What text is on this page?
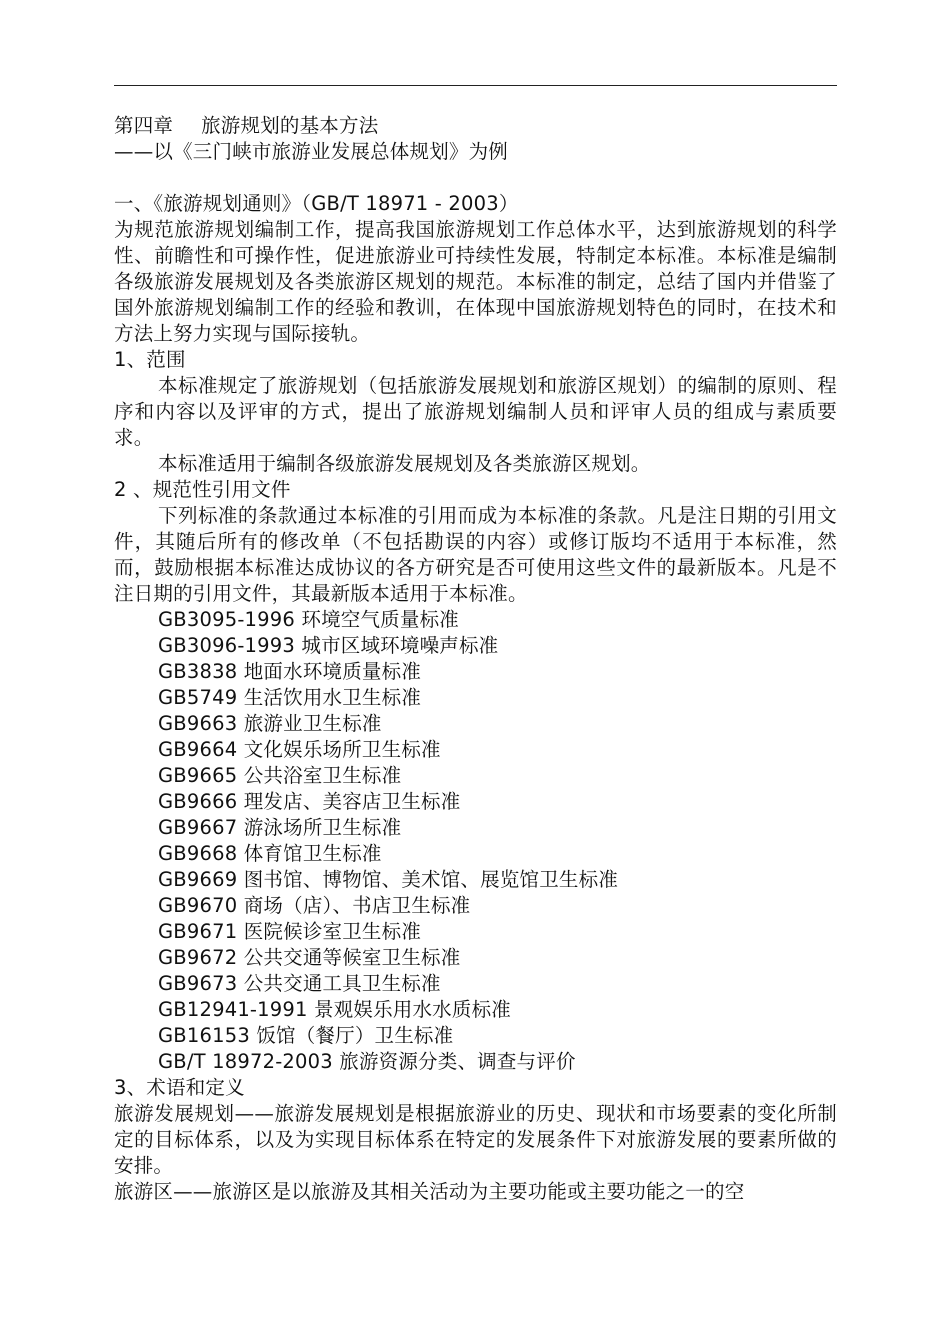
第四章 旅游规划的基本方法
——以《三门峡市旅游业发展总体规划》为例
一、《旅游规划通则》（GB/T 18971 - 2003）
为规范旅游规划编制工作，提高我国旅游规划工作总体水平，达到旅游规划的科学性、前瞻性和可操作性，促进旅游业可持续性发展，特制定本标准。本标准是编制各级旅游发展规划及各类旅游区规划的规范。本标准的制定，总结了国内并借鉴了国外旅游规划编制工作的经验和教训，在体现中国旅游规划特色的同时，在技术和方法上努力实现与国际接轨。
1、范围
本标准规定了旅游规划（包括旅游发展规划和旅游区规划）的编制的原则、程序和内容以及评审的方式，提出了旅游规划编制人员和评审人员的组成与素质要求。
本标准适用于编制各级旅游发展规划及各类旅游区规划。
2 、规范性引用文件
下列标准的条款通过本标准的引用而成为本标准的条款。凡是注日期的引用文件，其随后所有的修改单（不包括勘误的内容）或修订版均不适用于本标准，然而，鼓励根据本标准达成协议的各方研究是否可使用这些文件的最新版本。凡是不注日期的引用文件，其最新版本适用于本标准。
GB3095-1996 环境空气质量标准
GB3096-1993 城市区域环境噪声标准
GB3838 地面水环境质量标准
GB5749 生活饮用水卫生标准
GB9663 旅游业卫生标准
GB9664 文化娱乐场所卫生标准
GB9665 公共浴室卫生标准
GB9666 理发店、美容店卫生标准
GB9667 游泳场所卫生标准
GB9668 体育馆卫生标准
GB9669 图书馆、博物馆、美术馆、展览馆卫生标准
GB9670 商场（店）、书店卫生标准
GB9671 医院候诊室卫生标准
GB9672 公共交通等候室卫生标准
GB9673 公共交通工具卫生标准
GB12941-1991 景观娱乐用水水质标准
GB16153 饭馆（餐厅）卫生标准
GB/T 18972-2003 旅游资源分类、调查与评价
3、术语和定义
旅游发展规划——旅游发展规划是根据旅游业的历史、现状和市场要素的变化所制定的目标体系，以及为实现目标体系在特定的发展条件下对旅游发展的要素所做的安排。
旅游区——旅游区是以旅游及其相关活动为主要功能或主要功能之一的空
